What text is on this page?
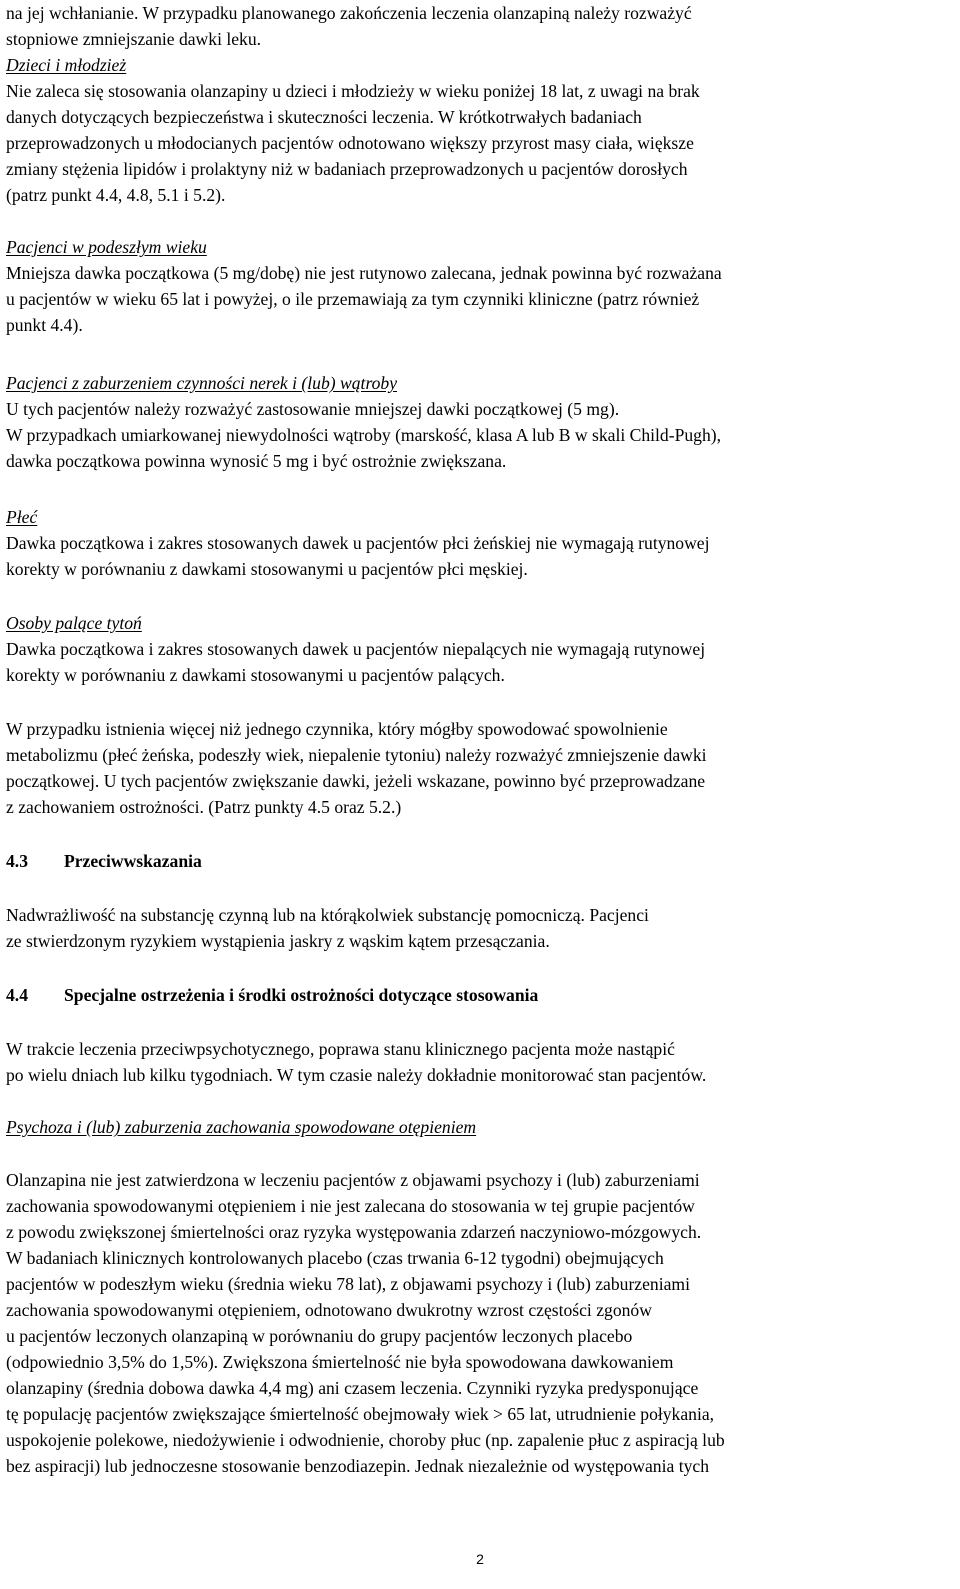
na jej wchłanianie. W przypadku planowanego zakończenia leczenia olanzapiną należy rozważyć
stopniowe zmniejszanie dawki leku.
Dzieci i młodzież
Nie zaleca się stosowania olanzapiny u dzieci i młodzieży w wieku poniżej 18 lat, z uwagi na brak
danych dotyczących bezpieczeństwa i skuteczności leczenia. W krótkotrwałych badaniach
przeprowadzonych u młodocianych pacjentów odnotowano większy przyrost masy ciała, większe
zmiany stężenia lipidów i prolaktyny niż w badaniach przeprowadzonych u pacjentów dorosłych
(patrz punkt 4.4, 4.8, 5.1 i 5.2).
Pacjenci w podeszłym wieku
Mniejsza dawka początkowa (5 mg/dobę) nie jest rutynowo zalecana, jednak powinna być rozważana
u pacjentów w wieku 65 lat i powyżej, o ile przemawiają za tym czynniki kliniczne (patrz również
punkt 4.4).
Pacjenci z zaburzeniem czynności nerek i (lub) wątroby
U tych pacjentów należy rozważyć zastosowanie mniejszej dawki początkowej (5 mg).
W przypadkach umiarkowanej niewydolności wątroby (marskość, klasa A lub B w skali Child-Pugh),
dawka początkowa powinna wynosić 5 mg i być ostrożnie zwiększana.
Płeć
Dawka początkowa i zakres stosowanych dawek u pacjentów płci żeńskiej nie wymagają rutynowej
korekty w porównaniu z dawkami stosowanymi u pacjentów płci męskiej.
Osoby palące tytoń
Dawka początkowa i zakres stosowanych dawek u pacjentów niepalących nie wymagają rutynowej
korekty w porównaniu z dawkami stosowanymi u pacjentów palących.
W przypadku istnienia więcej niż jednego czynnika, który mógłby spowodować spowolnienie
metabolizmu (płeć żeńska, podeszły wiek, niepalenie tytoniu) należy rozważyć zmniejszenie dawki
początkowej. U tych pacjentów zwiększanie dawki, jeżeli wskazane, powinno być przeprowadzane
z zachowaniem ostrożności. (Patrz punkty 4.5 oraz 5.2.)
4.3 Przeciwwskazania
Nadwrażliwość na substancję czynną lub na którąkolwiek substancję pomocniczą. Pacjenci
ze stwierdzonym ryzykiem wystąpienia jaskry z wąskim kątem przesączania.
4.4 Specjalne ostrzeżenia i środki ostrożności dotyczące stosowania
W trakcie leczenia przeciwpsychotycznego, poprawa stanu klinicznego pacjenta może nastąpić
po wielu dniach lub kilku tygodniach. W tym czasie należy dokładnie monitorować stan pacjentów.
Psychoza i (lub) zaburzenia zachowania spowodowane otępieniem
Olanzapina nie jest zatwierdzona w leczeniu pacjentów z objawami psychozy i (lub) zaburzeniami
zachowania spowodowanymi otępieniem i nie jest zalecana do stosowania w tej grupie pacjentów
z powodu zwiększonej śmiertelności oraz ryzyka występowania zdarzeń naczyniowo-mózgowych.
W badaniach klinicznych kontrolowanych placebo (czas trwania 6-12 tygodni) obejmujących
pacjentów w podeszłym wieku (średnia wieku 78 lat), z objawami psychozy i (lub) zaburzeniami
zachowania spowodowanymi otępieniem, odnotowano dwukrotny wzrost częstości zgonów
u pacjentów leczonych olanzapiną w porównaniu do grupy pacjentów leczonych placebo
(odpowiednio 3,5% do 1,5%). Zwiększona śmiertelność nie była spowodowana dawkowaniem
olanzapiny (średnia dobowa dawka 4,4 mg) ani czasem leczenia. Czynniki ryzyka predysponujące
tę populację pacjentów zwiększające śmiertelność obejmowały wiek > 65 lat, utrudnienie połykania,
uspokojenie polekowe, niedożywienie i odwodnienie, choroby płuc (np. zapalenie płuc z aspiracją lub
bez aspiracji) lub jednoczesne stosowanie benzodiazepin. Jednak niezależnie od występowania tych
2
